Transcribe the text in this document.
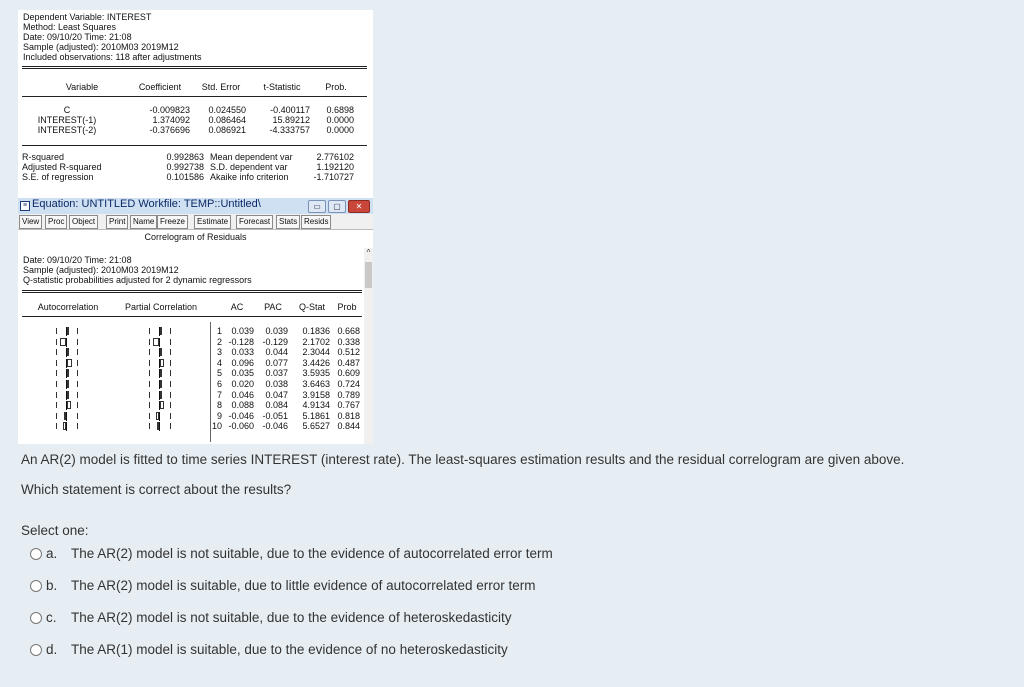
Dependent Variable: INTEREST
Method: Least Squares
Date: 09/10/20 Time: 21:08
Sample (adjusted): 2010M03 2019M12
Included observations: 118 after adjustments
Variable	Coefficient	Std. Error	t-Statistic	Prob.
C	-0.009823	0.024550	-0.400117	0.6898
INTEREST(-1)	1.374092	0.086464	15.89212	0.0000
INTEREST(-2)	-0.376696	0.086921	-4.333757	0.0000
R-squared	0.992863 Mean dependent var	2.776102
Adjusted R-squared	0.992738 S.D. dependent var	1.192120
S.E. of regression	0.101586 Akaike info criterion	-1.710727
≡ Equation: UNTITLED Workfile: TEMP::Untitled\	▭	▢	✕
View	Proc Object	Print Name Freeze	Estimate	Forecast	Stats Resids
Correlogram of Residuals
^
Date: 09/10/20 Time: 21:08
Sample (adjusted): 2010M03 2019M12
Q-statistic probabilities adjusted for 2 dynamic regressors
Autocorrelation	Partial Correlation	AC	PAC	Q-Stat	Prob
1	0.039	0.039	0.1836 0.668
2 -0.128 -0.129	2.1702 0.338
3	0.033	0.044	2.3044 0.512
4	0.096	0.077	3.4426 0.487
5	0.035	0.037	3.5935 0.609
6	0.020	0.038	3.6463 0.724
7	0.046	0.047	3.9158 0.789
8	0.088	0.084	4.9134 0.767
9 -0.046 -0.051	5.1861 0.818
10 -0.060 -0.046	5.6527 0.844
An AR(2) model is fitted to time series INTEREST (interest rate). The least-squares estimation results and the residual correlogram are given above.
Which statement is correct about the results?
Select one:
a. The AR(2) model is not suitable, due to the evidence of autocorrelated error term
b. The AR(2) model is suitable, due to little evidence of autocorrelated error term
c. The AR(2) model is not suitable, due to the evidence of heteroskedasticity
d. The AR(1) model is suitable, due to the evidence of no heteroskedasticity
